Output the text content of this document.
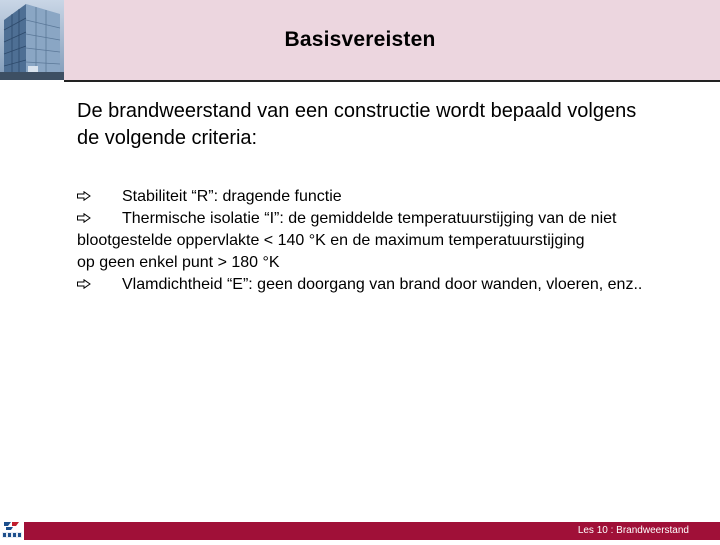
Basisvereisten
De brandweerstand van een constructie wordt bepaald volgens
de volgende criteria:
Stabiliteit “R”: dragende functie
Thermische isolatie “I”: de gemiddelde temperatuurstijging van de niet
blootgestelde oppervlakte < 140 °K en de maximum temperatuurstijging
op geen enkel punt > 180 °K
Vlamdichtheid “E”: geen doorgang van brand door wanden, vloeren, enz..
Les 10 : Brandweerstand
